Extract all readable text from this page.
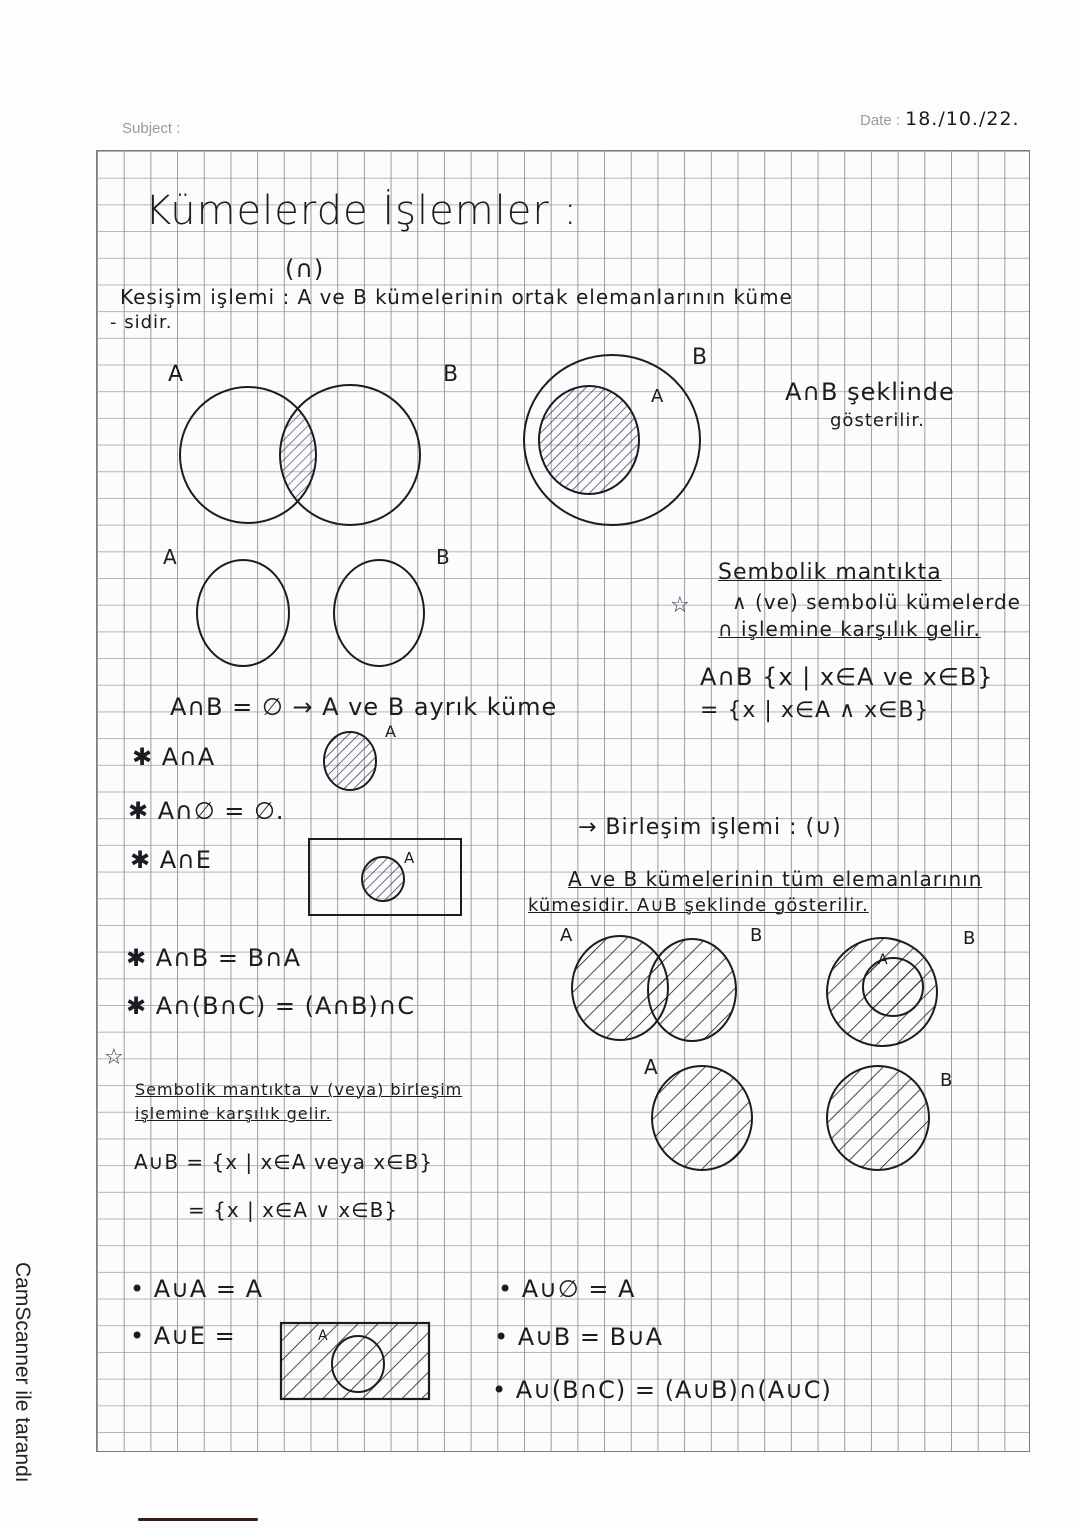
Subject :	Date : 18./10./22.
Kümelerde İşlemler :
(∩)
Kesişim işlemi : A ve B kümelerinin ortak elemanlarının küme
- sidir.
A	B
B
A	A∩B şeklinde
gösterilir.
A	B
A∩B = ∅ → A ve B ayrık küme
☆
Sembolik mantıkta
∧ (ve) sembolü kümelerde
∩ işlemine karşılık gelir.
A∩B {x | x∈A ve x∈B}
= {x | x∈A ∧ x∈B}
✱ A∩A
A
✱ A∩∅ = ∅.
✱ A∩E	A
✱ A∩B = B∩A
✱ A∩(B∩C) = (A∩B)∩C
→ Birleşim işlemi : (∪)
A ve B kümelerinin tüm elemanlarının
kümesidir. A∪B şeklinde gösterilir.
A	B	B
A
A
B
☆
Sembolik mantıkta ∨ (veya) birleşim
işlemine karşılık gelir.
A∪B = {x | x∈A veya x∈B}
= {x | x∈A ∨ x∈B}
• A∪A = A
• A∪E =	A
• A∪∅ = A
• A∪B = B∪A
• A∪(B∩C) = (A∪B)∩(A∪C)
CamScanner ile tarandı
